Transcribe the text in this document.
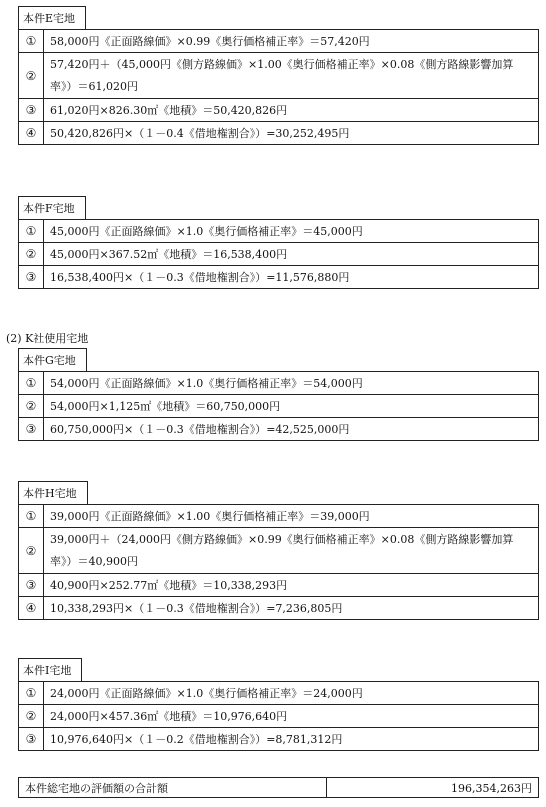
本件E宅地
①	58,000円《正面路線価》×0.99《奥行価格補正率》＝57,420円
②	57,420円＋（45,000円《側方路線価》×1.00《奥行価格補正率》×0.08《側方路線影響加算率》）＝61,020円
③	61,020円×826.30㎡《地積》＝50,420,826円
④	50,420,826円×（１－0.4《借地権割合》）=30,252,495円
本件F宅地
①	45,000円《正面路線価》×1.0《奥行価格補正率》＝45,000円
②	45,000円×367.52㎡《地積》＝16,538,400円
③	16,538,400円×（１－0.3《借地権割合》）=11,576,880円
(2) K社使用宅地
本件G宅地
①	54,000円《正面路線価》×1.0《奥行価格補正率》＝54,000円
②	54,000円×1,125㎡《地積》＝60,750,000円
③	60,750,000円×（１－0.3《借地権割合》）=42,525,000円
本件H宅地
①	39,000円《正面路線価》×1.00《奥行価格補正率》＝39,000円
②	39,000円＋（24,000円《側方路線価》×0.99《奥行価格補正率》×0.08《側方路線影響加算率》）＝40,900円
③	40,900円×252.77㎡《地積》＝10,338,293円
④	10,338,293円×（１－0.3《借地権割合》）=7,236,805円
本件I宅地
①	24,000円《正面路線価》×1.0《奥行価格補正率》＝24,000円
②	24,000円×457.36㎡《地積》＝10,976,640円
③	10,976,640円×（１－0.2《借地権割合》）=8,781,312円
本件総宅地の評価額の合計額	196,354,263円
